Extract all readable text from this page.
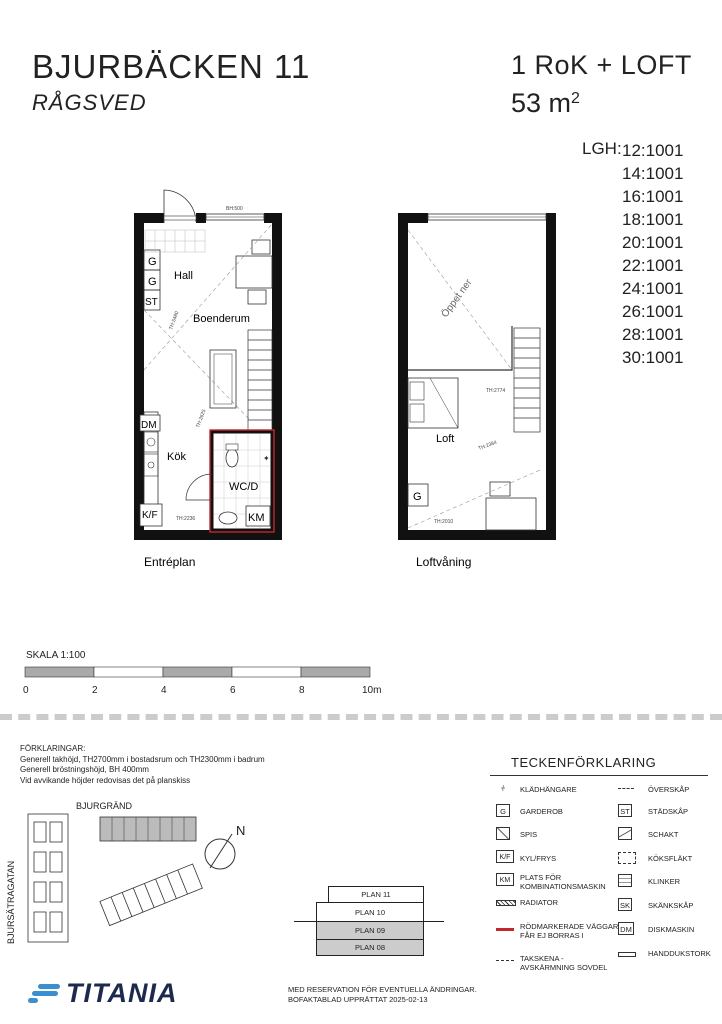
BJURBÄCKEN 11
RÅGSVED
1 RoK + LOFT
53 $m^2$
LGH: 12:1001
14:1001
16:1001
18:1001
20:1001
22:1001
24:1001
26:1001
28:1001
30:1001
BH:500
G
G
ST
DM
K/F	KM
✦
Hall
Boenderum
Kök
WC/D
TH:5480
TH:2625
TH:2236
Entréplan
G
Loft
Öppet ner
TH:2774
TH:2384
TH:2010
Loftvåning
SKALA 1:100
0	2	4	6	8	10m
FÖRKLARINGAR:
Generell takhöjd, TH2700mm i bostadsrum och TH2300mm i badrum
Generell bröstningshöjd, BH 400mm
Vid avvikande höjder redovisas det på planskiss
TECKENFÖRKLARING
⫩	KLÄDHÄNGARE
G	GARDEROB
SPIS
K/F	KYL/FRYS
KM	PLATS FÖR KOMBINATIONSMASKIN
RADIATOR
RÖDMARKERADE VÄGGAR FÅR EJ BORRAS I
TAKSKENA - AVSKÄRMNING SOVDEL
ÖVERSKÅP
ST STÄDSKÅP
SCHAKT
KÖKSFLÄKT
KLINKER
SK SKÄNKSKÅP
DM DISKMASKIN
HANDDUKSTORK
BJURGRÄND
BJURSÄTRAGATAN
N
PLAN 11
PLAN 10
PLAN 09
PLAN 08
TITANIA	MED RESERVATION FÖR EVENTUELLA ÄNDRINGAR.
BOFAKTABLAD UPPRÄTTAT 2025-02-13
